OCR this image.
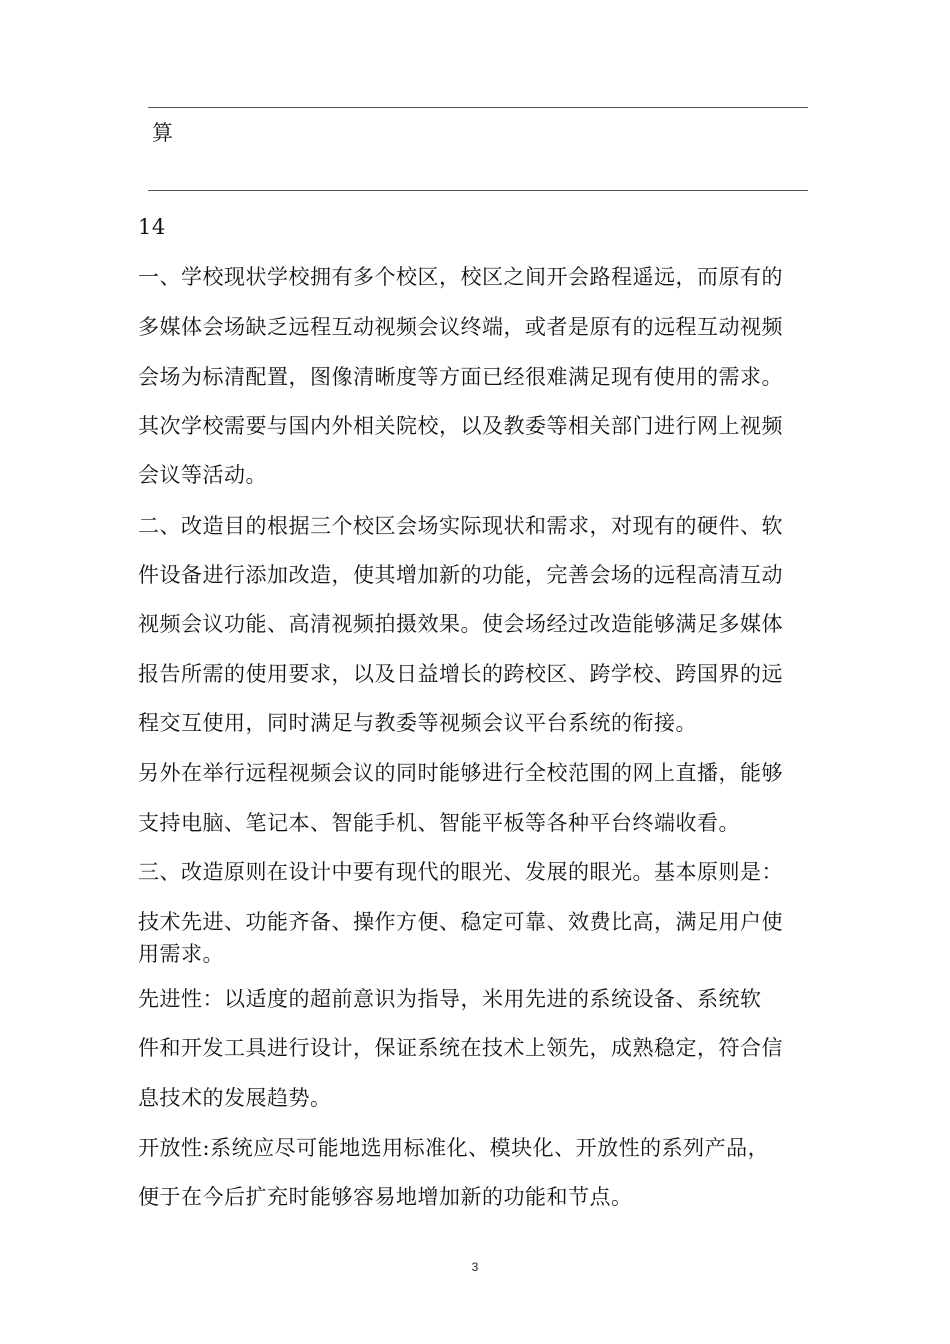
算
14
一、学校现状学校拥有多个校区，校区之间开会路程遥远，而原有的
多媒体会场缺乏远程互动视频会议终端，或者是原有的远程互动视频
会场为标清配置，图像清晰度等方面已经很难满足现有使用的需求。
其次学校需要与国内外相关院校，以及教委等相关部门进行网上视频
会议等活动。
二、改造目的根据三个校区会场实际现状和需求，对现有的硬件、软
件设备进行添加改造，使其增加新的功能，完善会场的远程高清互动
视频会议功能、高清视频拍摄效果。使会场经过改造能够满足多媒体
报告所需的使用要求，以及日益增长的跨校区、跨学校、跨国界的远
程交互使用，同时满足与教委等视频会议平台系统的衔接。
另外在举行远程视频会议的同时能够进行全校范围的网上直播，能够
支持电脑、笔记本、智能手机、智能平板等各种平台终端收看。
三、改造原则在设计中要有现代的眼光、发展的眼光。基本原则是：
技术先进、功能齐备、操作方便、稳定可靠、效费比高，满足用户使
用需求。
先进性：以适度的超前意识为指导，米用先进的系统设备、系统软
件和开发工具进行设计，保证系统在技术上领先，成熟稳定，符合信
息技术的发展趋势。
开放性:系统应尽可能地选用标准化、模块化、开放性的系列产品，
便于在今后扩充时能够容易地增加新的功能和节点。
3
